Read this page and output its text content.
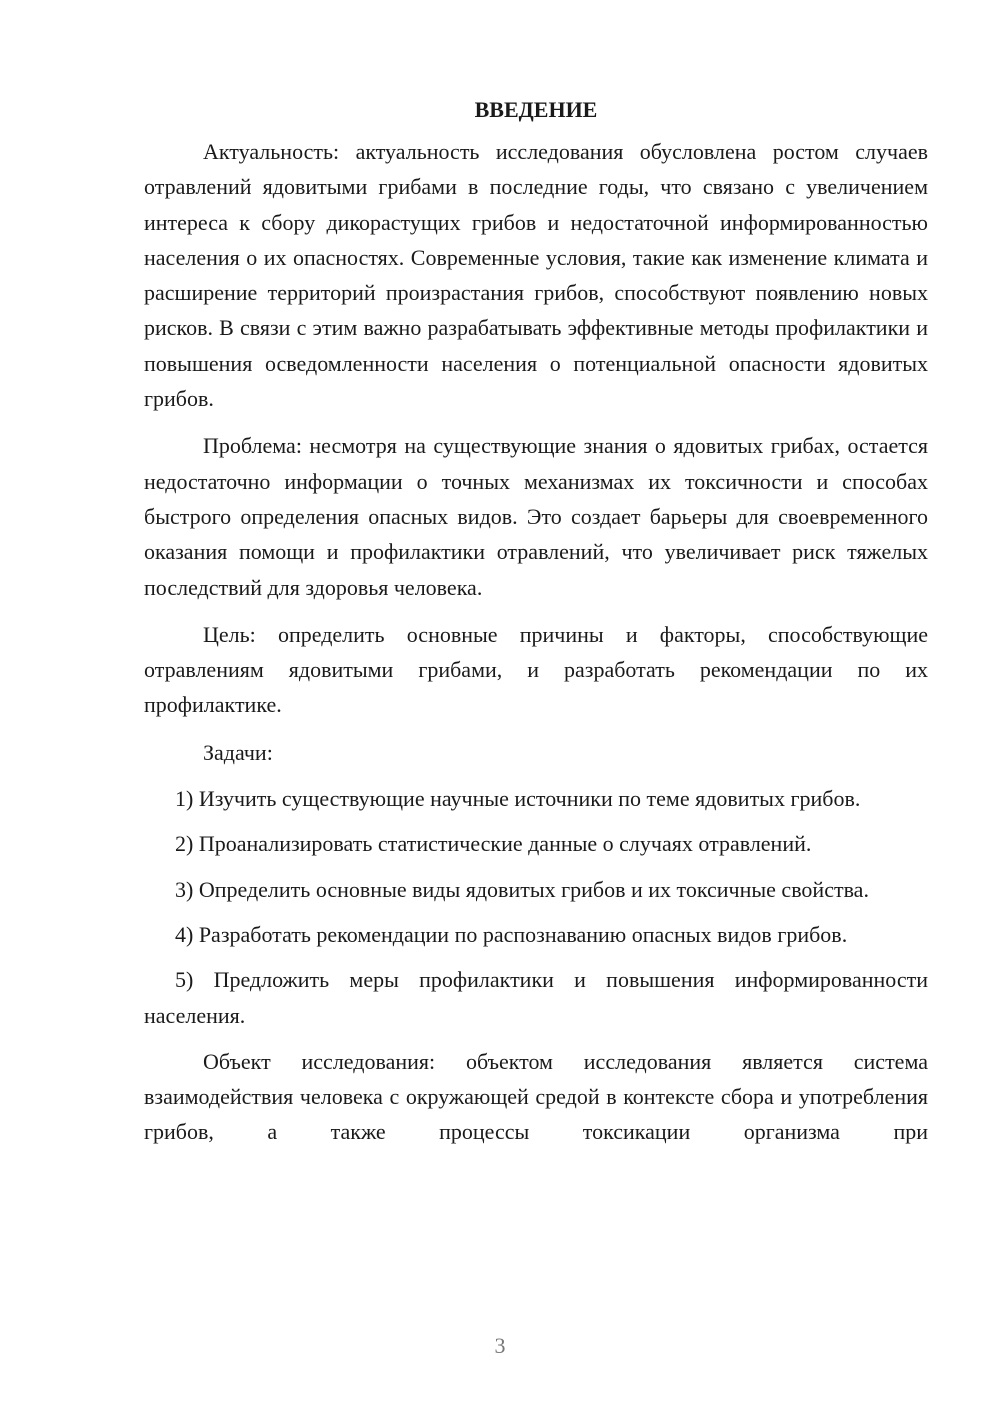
ВВЕДЕНИЕ

Актуальность: актуальность исследования обусловлена ростом случаев отравлений ядовитыми грибами в последние годы, что связано с увеличением интереса к сбору дикорастущих грибов и недостаточной информированностью населения о их опасностях. Современные условия, такие как изменение климата и расширение территорий произрастания грибов, способствуют появлению новых рисков. В связи с этим важно разрабатывать эффективные методы профилактики и повышения осведомленности населения о потенциальной опасности ядовитых грибов.

Проблема: несмотря на существующие знания о ядовитых грибах, остается недостаточно информации о точных механизмах их токсичности и способах быстрого определения опасных видов. Это создает барьеры для своевременного оказания помощи и профилактики отравлений, что увеличивает риск тяжелых последствий для здоровья человека.

Цель: определить основные причины и факторы, способствующие отравлениям ядовитыми грибами, и разработать рекомендации по их профилактике.

Задачи:

1) Изучить существующие научные источники по теме ядовитых грибов.

2) Проанализировать статистические данные о случаях отравлений.

3) Определить основные виды ядовитых грибов и их токсичные свойства.

4) Разработать рекомендации по распознаванию опасных видов грибов.

5) Предложить меры профилактики и повышения информированности населения.

Объект исследования: объектом исследования является система взаимодействия человека с окружающей средой в контексте сбора и употребления грибов, а также процессы токсикации организма при

3
